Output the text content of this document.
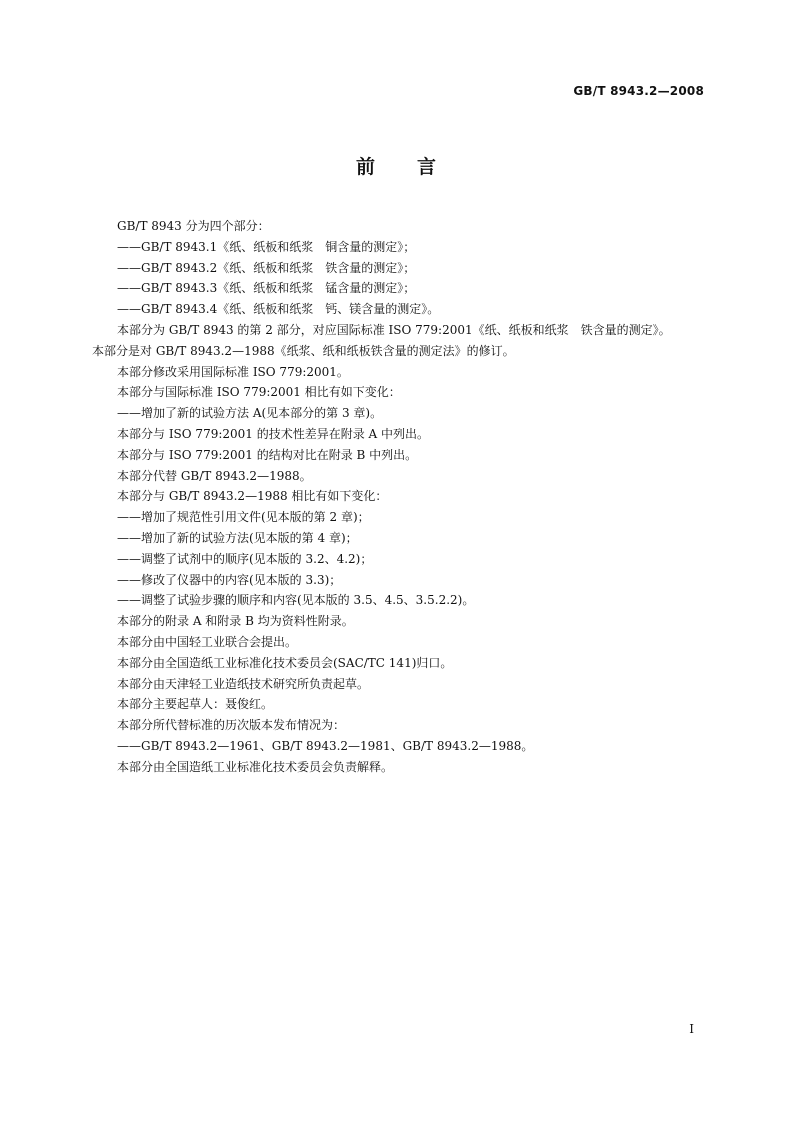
GB/T 8943.2—2008
前 言

GB/T 8943 分为四个部分：

——GB/T 8943.1《纸、纸板和纸浆　铜含量的测定》；

——GB/T 8943.2《纸、纸板和纸浆　铁含量的测定》；

——GB/T 8943.3《纸、纸板和纸浆　锰含量的测定》；

——GB/T 8943.4《纸、纸板和纸浆　钙、镁含量的测定》。

本部分为 GB/T 8943 的第 2 部分，对应国际标准 ISO 779:2001《纸、纸板和纸浆　铁含量的测定》。

本部分是对 GB/T 8943.2—1988《纸浆、纸和纸板铁含量的测定法》的修订。

本部分修改采用国际标准 ISO 779:2001。

本部分与国际标准 ISO 779:2001 相比有如下变化：

——增加了新的试验方法 A(见本部分的第 3 章)。

本部分与 ISO 779:2001 的技术性差异在附录 A 中列出。

本部分与 ISO 779:2001 的结构对比在附录 B 中列出。

本部分代替 GB/T 8943.2—1988。

本部分与 GB/T 8943.2—1988 相比有如下变化：

——增加了规范性引用文件(见本版的第 2 章)；

——增加了新的试验方法(见本版的第 4 章)；

——调整了试剂中的顺序(见本版的 3.2、4.2)；

——修改了仪器中的内容(见本版的 3.3)；

——调整了试验步骤的顺序和内容(见本版的 3.5、4.5、3.5.2.2)。

本部分的附录 A 和附录 B 均为资料性附录。

本部分由中国轻工业联合会提出。

本部分由全国造纸工业标准化技术委员会(SAC/TC 141)归口。

本部分由天津轻工业造纸技术研究所负责起草。

本部分主要起草人：聂俊红。

本部分所代替标准的历次版本发布情况为：

——GB/T 8943.2—1961、GB/T 8943.2—1981、GB/T 8943.2—1988。

本部分由全国造纸工业标准化技术委员会负责解释。

I
